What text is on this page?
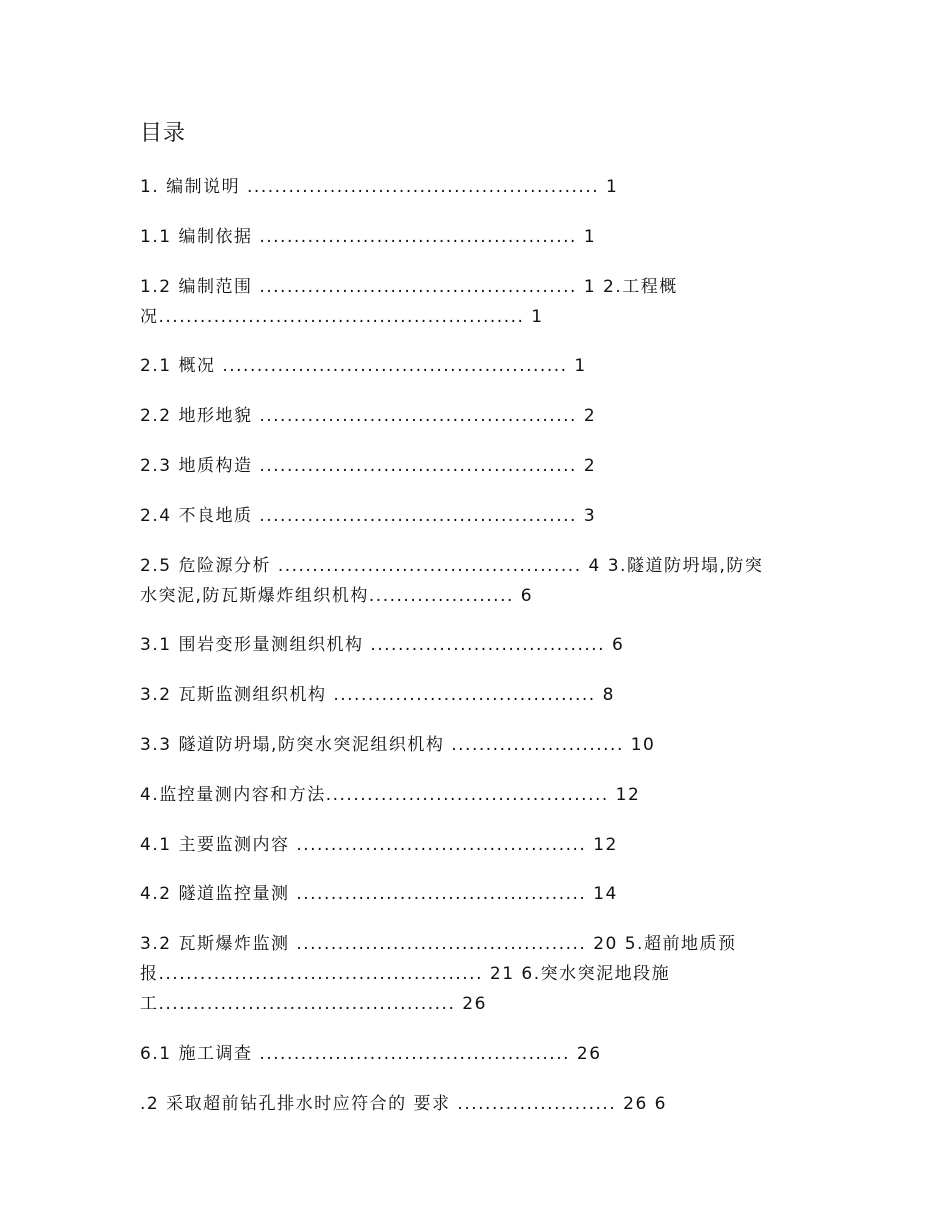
目录
1. 编制说明 ................................................... 1
1.1 编制依据 .............................................. 1
1.2 编制范围 .............................................. 1 2.工程概
况..................................................... 1
2.1 概况 .................................................. 1
2.2 地形地貌 .............................................. 2
2.3 地质构造 .............................................. 2
2.4 不良地质 .............................................. 3
2.5 危险源分析 ............................................ 4 3.隧道防坍塌,防突
水突泥,防瓦斯爆炸组织机构..................... 6
3.1 围岩变形量测组织机构 .................................. 6
3.2 瓦斯监测组织机构 ...................................... 8
3.3 隧道防坍塌,防突水突泥组织机构 ......................... 10
4.监控量测内容和方法......................................... 12
4.1 主要监测内容 .......................................... 12
4.2 隧道监控量测 .......................................... 14
3.2 瓦斯爆炸监测 .......................................... 20 5.超前地质预
报............................................... 21 6.突水突泥地段施
工........................................... 26
6.1 施工调查 ............................................. 26
.2 采取超前钻孔排水时应符合的 要求 ....................... 26 6
